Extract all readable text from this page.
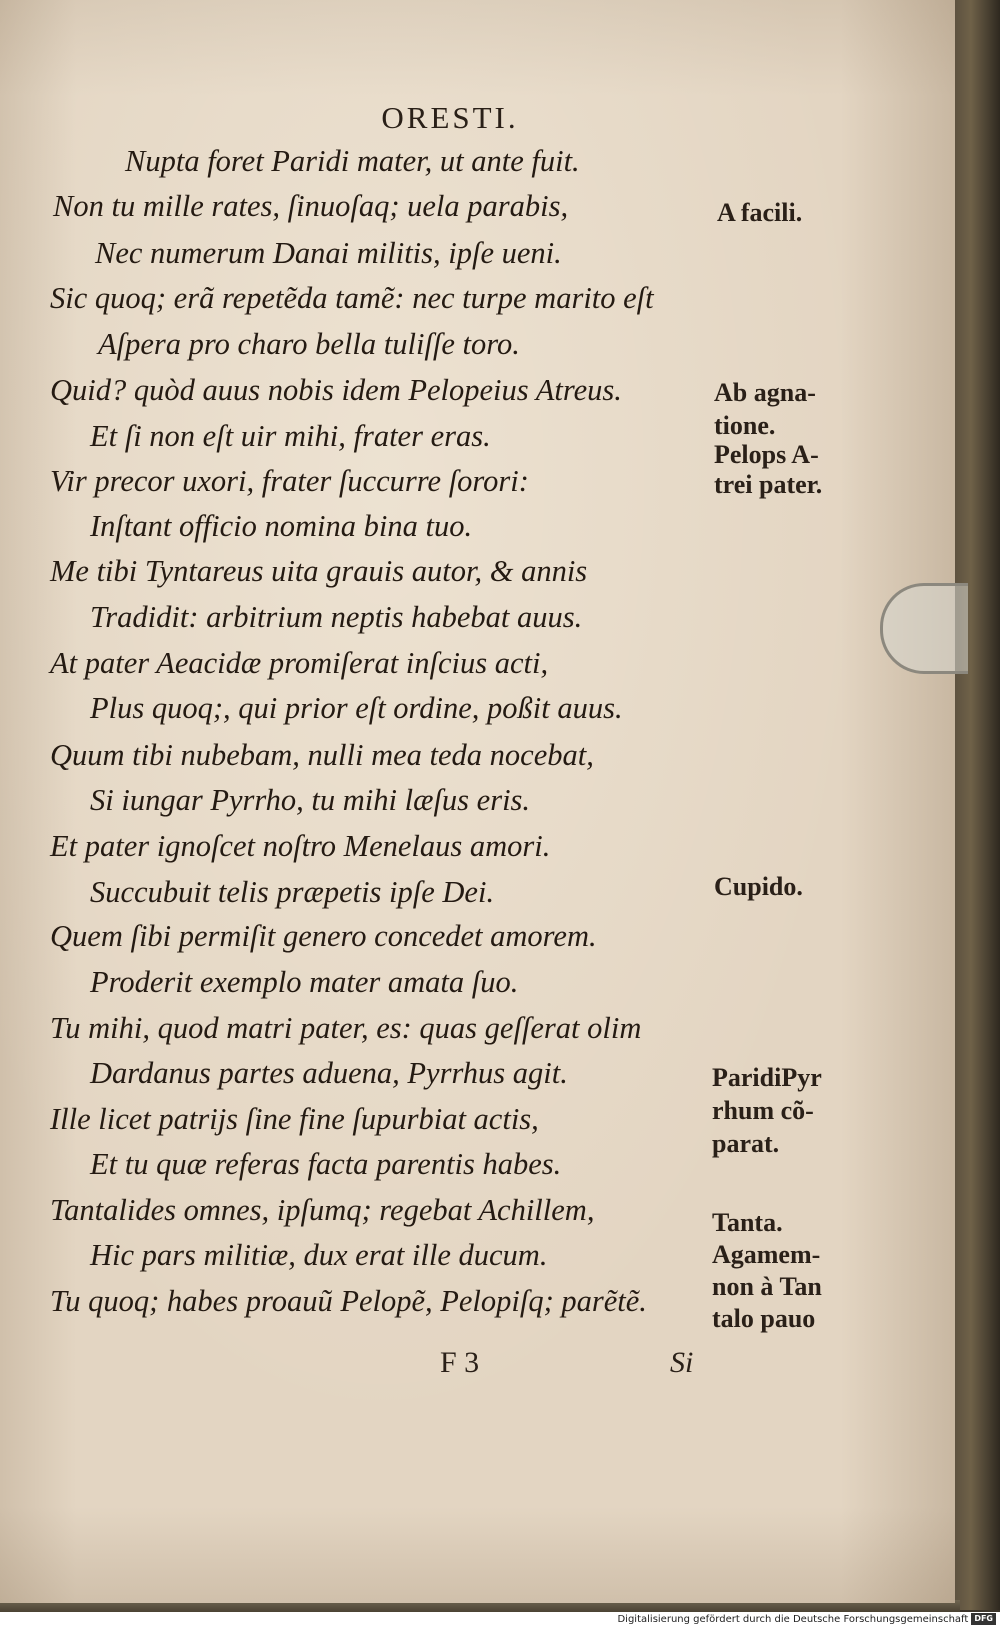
ORESTI.
Nupta foret Paridi mater, ut ante fuit.
Non tu mille rates, ſinuoſaq; uela parabis,
Nec numerum Danai militis, ipſe ueni.
Sic quoq; erã repetẽda tamẽ: nec turpe marito eſt
Aſpera pro charo bella tuliſſe toro.
Quid? quòd auus nobis idem Pelopeius Atreus.
Et ſi non eſt uir mihi, frater eras.
Vir precor uxori, frater ſuccurre ſorori:
Inſtant officio nomina bina tuo.
Me tibi Tyntareus uita grauis autor, & annis
Tradidit: arbitrium neptis habebat auus.
At pater Aeacidæ promiſerat inſcius acti,
Plus quoq;, qui prior eſt ordine, poßit auus.
Quum tibi nubebam, nulli mea teda nocebat,
Si iungar Pyrrho, tu mihi læſus eris.
Et pater ignoſcet noſtro Menelaus amori.
Succubuit telis præpetis ipſe Dei.
Quem ſibi permiſit genero concedet amorem.
Proderit exemplo mater amata ſuo.
Tu mihi, quod matri pater, es: quas geſſerat olim
Dardanus partes aduena, Pyrrhus agit.
Ille licet patrijs ſine fine ſupurbiat actis,
Et tu quæ referas facta parentis habes.
Tantalides omnes, ipſumq; regebat Achillem,
Hic pars militiæ, dux erat ille ducum.
Tu quoq; habes proauũ Pelopẽ, Pelopiſq; parẽtẽ.
A facili.
Ab agna-
tione.
Pelops A-
trei pater.
Cupido.
ParidiPyr
rhum cõ-
parat.
Tanta.
Agamem-
non à Tan
talo pauo
F 3	Si
Digitalisierung gefördert durch die Deutsche Forschungsgemeinschaft DFG
